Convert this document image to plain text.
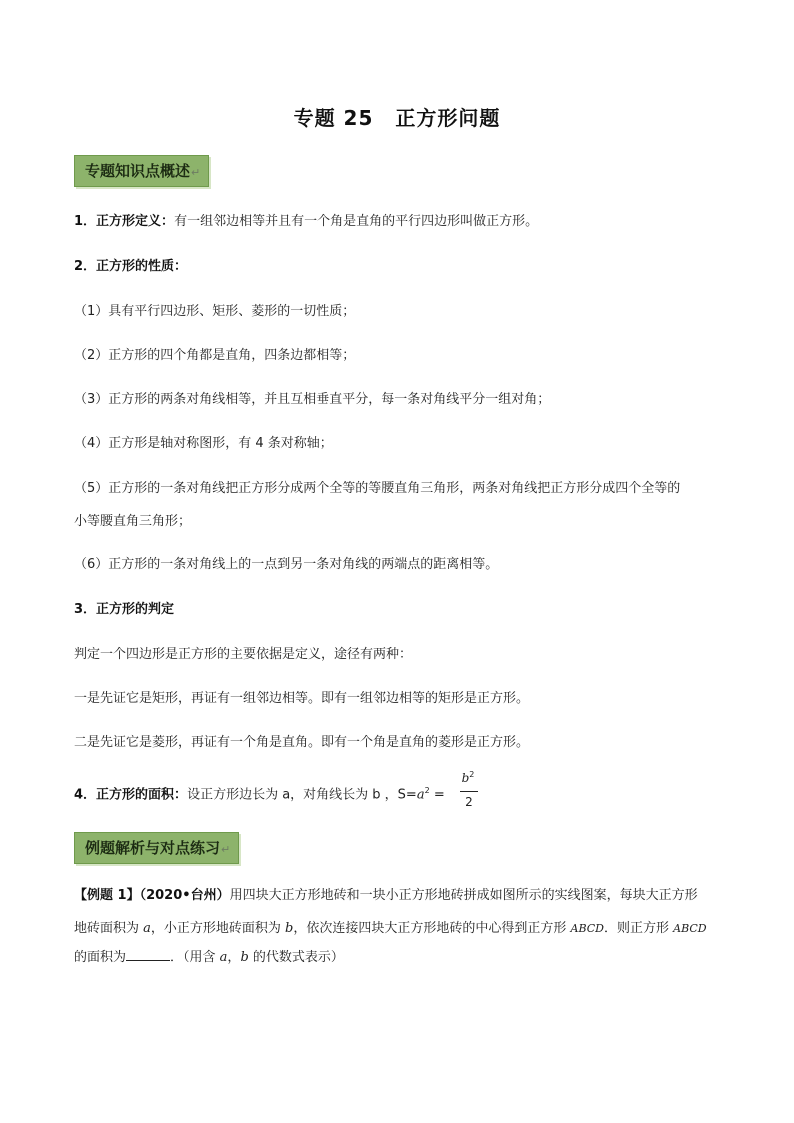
专题 25 正方形问题
专题知识点概述↵
1．正方形定义：有一组邻边相等并且有一个角是直角的平行四边形叫做正方形。
2．正方形的性质：
（1）具有平行四边形、矩形、菱形的一切性质；
（2）正方形的四个角都是直角，四条边都相等；
（3）正方形的两条对角线相等，并且互相垂直平分，每一条对角线平分一组对角；
（4）正方形是轴对称图形，有 4 条对称轴；
（5）正方形的一条对角线把正方形分成两个全等的等腰直角三角形，两条对角线把正方形分成四个全等的
小等腰直角三角形；
（6）正方形的一条对角线上的一点到另一条对角线的两端点的距离相等。
3．正方形的判定
判定一个四边形是正方形的主要依据是定义，途径有两种：
一是先证它是矩形，再证有一组邻边相等。即有一组邻边相等的矩形是正方形。
二是先证它是菱形，再证有一个角是直角。即有一个角是直角的菱形是正方形。
4．正方形的面积：设正方形边长为 a，对角线长为 b ，$S=a^2$ =
$b^2$
2
例题解析与对点练习↵
【例题 1】（2020•台州）用四块大正方形地砖和一块小正方形地砖拼成如图所示的实线图案，每块大正方形
地砖面积为 a，小正方形地砖面积为 b，依次连接四块大正方形地砖的中心得到正方形 ABCD．则正方形 ABCD
的面积为	．（用含 a，b 的代数式表示）
